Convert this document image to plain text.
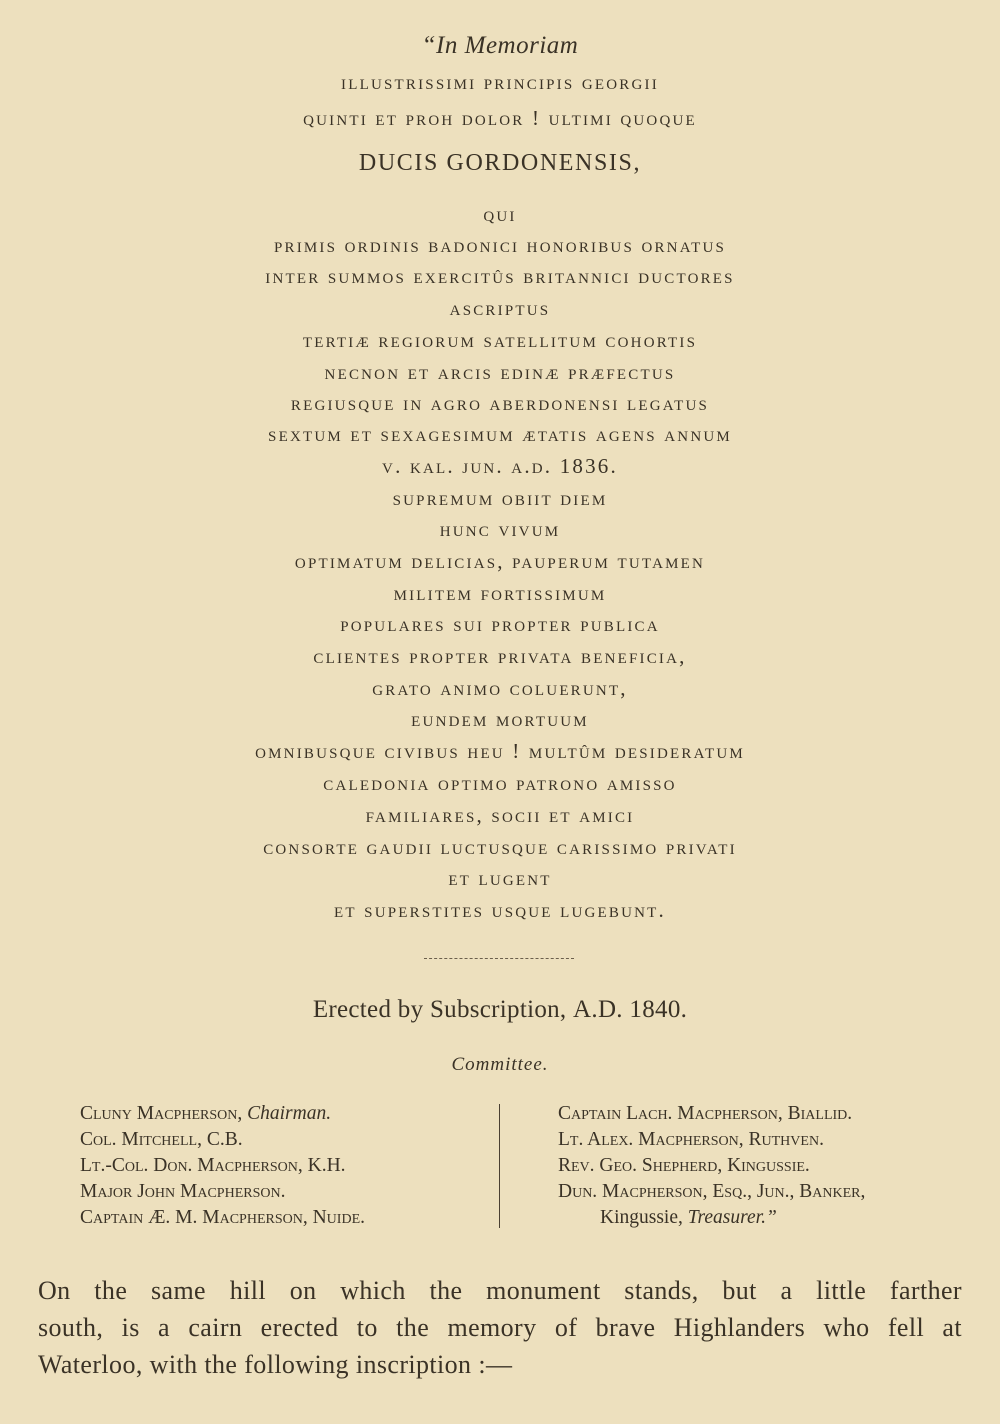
“In Memoriam
illustrissimi principis georgii
quinti et proh dolor ! ultimi quoque
DUCIS GORDONENSIS,
qui
primis ordinis badonici honoribus ornatus
inter summos exercitûs britannici ductores
ascriptus
tertiæ regiorum satellitum cohortis
necnon et arcis edinæ præfectus
regiusque in agro aberdonensi legatus
sextum et sexagesimum ætatis agens annum
v. kal. jun. a.d. 1836.
supremum obiit diem
hunc vivum
optimatum delicias, pauperum tutamen
militem fortissimum
populares sui propter publica
clientes propter privata beneficia,
grato animo coluerunt,
eundem mortuum
omnibusque civibus heu ! multûm desideratum
caledonia optimo patrono amisso
familiares, socii et amici
consorte gaudii luctusque carissimo privati
et lugent
et superstites usque lugebunt.
Erected by Subscription, A.D. 1840.
Committee.
Cluny Macpherson, Chairman.
Col. Mitchell, C.B.
Lt.-Col. Don. Macpherson, K.H.
Major John Macpherson.
Captain Æ. M. Macpherson, Nuide.
Captain Lach. Macpherson, Biallid.
Lt. Alex. Macpherson, Ruthven.
Rev. Geo. Shepherd, Kingussie.
Dun. Macpherson, Esq., Jun., Banker,
Kingussie, Treasurer.”
On the same hill on which the monument stands, but a little farther
south, is a cairn erected to the memory of brave Highlanders who fell at
Waterloo, with the following inscription :—
